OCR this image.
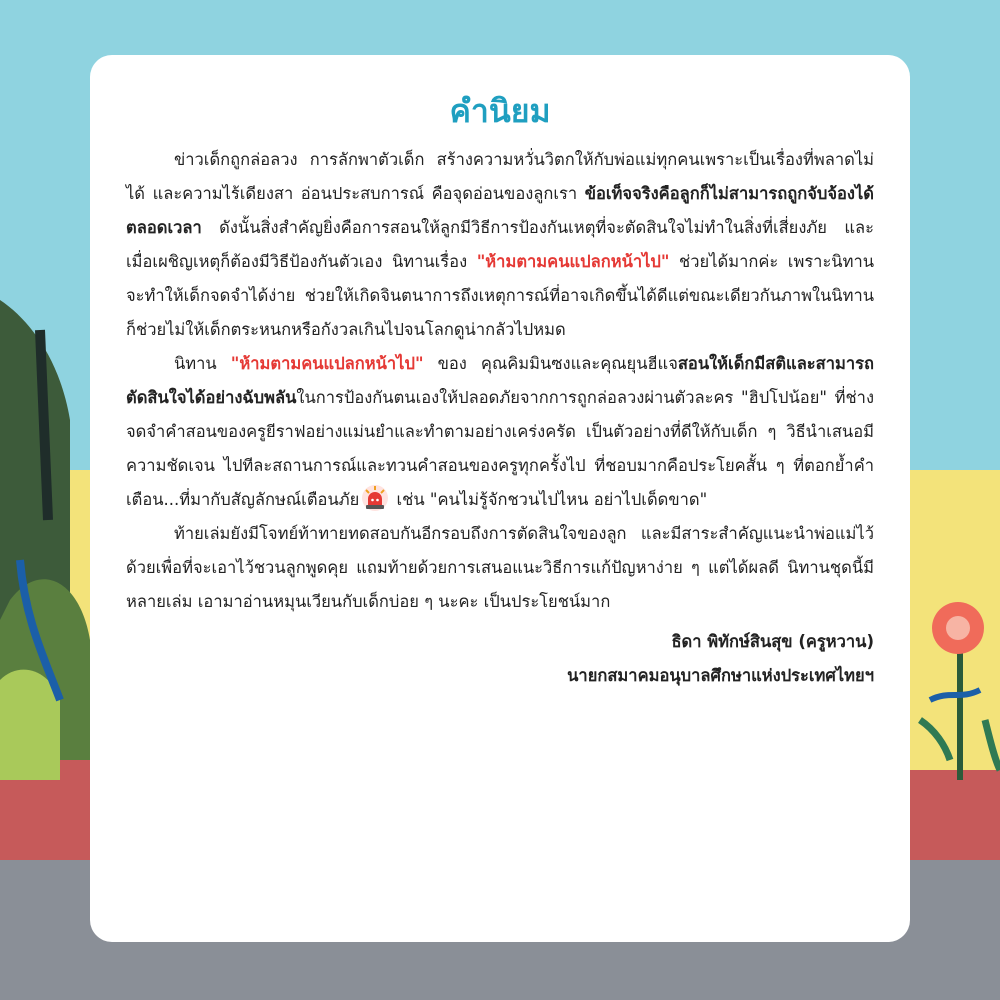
คำนิยม

ข่าวเด็กถูกล่อลวง การลักพาตัวเด็ก สร้างความหวั่นวิตกให้กับพ่อแม่ทุกคนเพราะเป็นเรื่องที่พลาดไม่ได้ และความไร้เดียงสา อ่อนประสบการณ์ คือจุดอ่อนของลูกเรา ข้อเท็จจริงคือลูกก็ไม่สามารถถูกจับจ้องได้ตลอดเวลา ดังนั้นสิ่งสำคัญยิ่งคือการสอนให้ลูกมีวิธีการป้องกันเหตุที่จะตัดสินใจไม่ทำในสิ่งที่เสี่ยงภัย และเมื่อเผชิญเหตุก็ต้องมีวิธีป้องกันตัวเอง นิทานเรื่อง "ห้ามตามคนแปลกหน้าไป" ช่วยได้มากค่ะ เพราะนิทานจะทำให้เด็กจดจำได้ง่าย ช่วยให้เกิดจินตนาการถึงเหตุการณ์ที่อาจเกิดขึ้นได้ดีแต่ขณะเดียวกันภาพในนิทานก็ช่วยไม่ให้เด็กตระหนกหรือกังวลเกินไปจนโลกดูน่ากลัวไปหมด

นิทาน "ห้ามตามคนแปลกหน้าไป" ของ คุณคิมมินซงและคุณยุนฮีแจสอนให้เด็กมีสติและสามารถตัดสินใจได้อย่างฉับพลันในการป้องกันตนเองให้ปลอดภัยจากการถูกล่อลวงผ่านตัวละคร "ฮิปโปน้อย" ที่ช่างจดจำคำสอนของครูยีราฟอย่างแม่นยำและทำตามอย่างเคร่งครัด เป็นตัวอย่างที่ดีให้กับเด็ก ๆ วิธีนำเสนอมีความชัดเจน ไปทีละสถานการณ์และทวนคำสอนของครูทุกครั้งไป ที่ชอบมากคือประโยคสั้น ๆ ที่ตอกย้ำคำเตือน...ที่มากับสัญลักษณ์เตือนภัย เช่น "คนไม่รู้จักชวนไปไหน อย่าไปเด็ดขาด"

ท้ายเล่มยังมีโจทย์ท้าทายทดสอบกันอีกรอบถึงการตัดสินใจของลูก และมีสาระสำคัญแนะนำพ่อแม่ไว้ด้วยเพื่อที่จะเอาไว้ชวนลูกพูดคุย แถมท้ายด้วยการเสนอแนะวิธีการแก้ปัญหาง่าย ๆ แต่ได้ผลดี นิทานชุดนี้มีหลายเล่ม เอามาอ่านหมุนเวียนกับเด็กบ่อย ๆ นะคะ เป็นประโยชน์มาก

ธิดา พิทักษ์สินสุข (ครูหวาน)

นายกสมาคมอนุบาลศึกษาแห่งประเทศไทยฯ
